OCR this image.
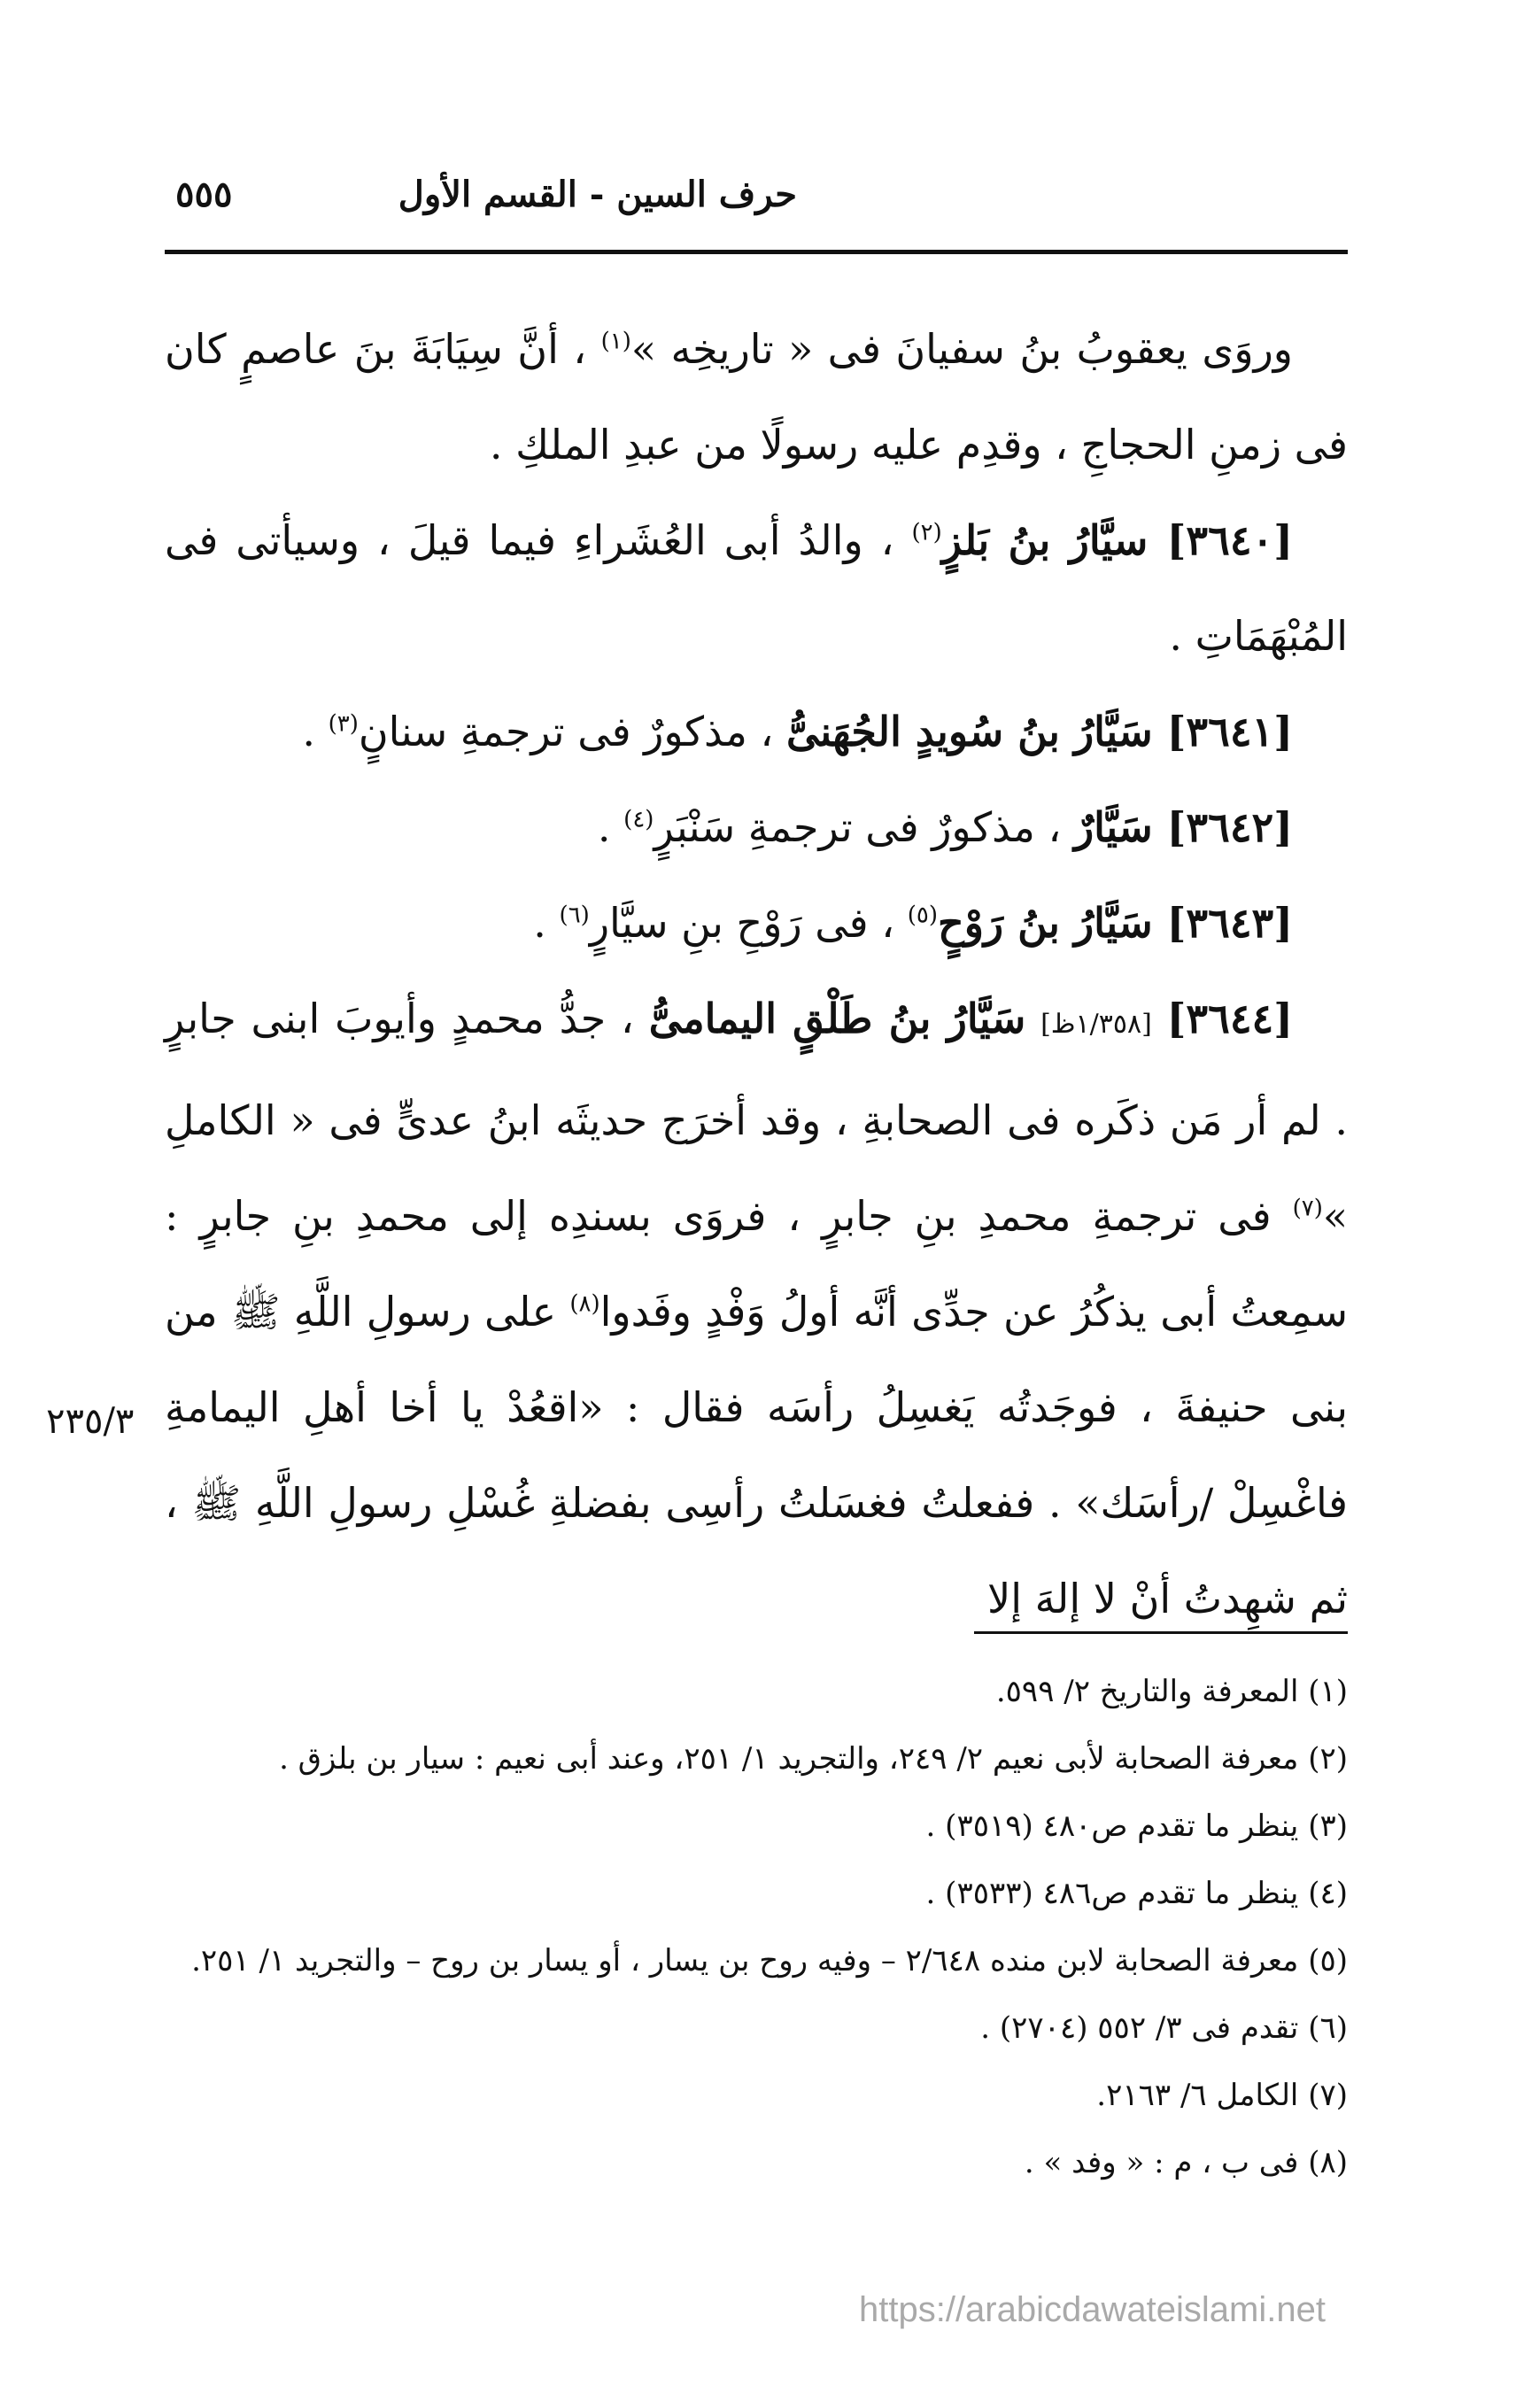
حرف السين - القسم الأول
٥٥٥

وروَى يعقوبُ بنُ سفيانَ فى « تاريخِه »$^{(١)}$ ، أنَّ سِيَابَةَ بنَ عاصمٍ كان فى زمنِ الحجاجِ ، وقدِم عليه رسولًا من عبدِ الملكِ .

[٣٦٤٠] سيَّارُ بنُ بَلزٍ$^{(٢)}$ ، والدُ أبى العُشَراءِ فيما قيلَ ، وسيأتى فى المُبْهَمَاتِ .

[٣٦٤١] سَيَّارُ بنُ سُويدٍ الجُهَنىُّ ، مذكورٌ فى ترجمةِ سنانٍ$^{(٣)}$ .

[٣٦٤٢] سَيَّارٌ ، مذكورٌ فى ترجمةِ سَنْبَرٍ$^{(٤)}$ .

[٣٦٤٣] سَيَّارُ بنُ رَوْحٍ$^{(٥)}$ ، فى رَوْحِ بنِ سيَّارٍ$^{(٦)}$ .

[٣٦٤٤] [١/٣٥٨ظ] سَيَّارُ بنُ طَلْقٍ اليمامىُّ ، جدُّ محمدٍ وأيوبَ ابنى جابرٍ . لم أر مَن ذكَره فى الصحابةِ ، وقد أخرَج حديثَه ابنُ عدىٍّ فى « الكاملِ »$^{(٧)}$ فى ترجمةِ محمدِ بنِ جابرٍ ، فروَى بسندِه إلى محمدِ بنِ جابرٍ : سمِعتُ أبى يذكُرُ عن جدِّى أنَّه أولُ وَفْدٍ وفَدوا$^{(٨)}$ على رسولِ اللَّهِ ﷺ من بنى حنيفةَ ، فوجَدتُه يَغسِلُ رأسَه فقال : «اقعُدْ يا أخا أهلِ اليمامةِ فاغْسِلْ /رأسَك» . ففعلتُ فغسَلتُ رأسِى بفضلةِ غُسْلِ رسولِ اللَّهِ ﷺ ، ثم شهِدتُ أنْ لا إلهَ إلا

٢٣٥/٣
(١) المعرفة والتاريخ ٢/ ٥٩٩.
(٢) معرفة الصحابة لأبى نعيم ٢/ ٢٤٩، والتجريد ١/ ٢٥١، وعند أبى نعيم : سيار بن بلزق .
(٣) ينظر ما تقدم ص٤٨٠ (٣٥١٩) .
(٤) ينظر ما تقدم ص٤٨٦ (٣٥٣٣) .
(٥) معرفة الصحابة لابن منده ٢/٦٤٨ – وفيه روح بن يسار ، أو يسار بن روح – والتجريد ١/ ٢٥١.
(٦) تقدم فى ٣/ ٥٥٢ (٢٧٠٤) .
(٧) الكامل ٦/ ٢١٦٣.
(٨) فى ب ، م : « وفد » .
https://arabicdawateislami.net
